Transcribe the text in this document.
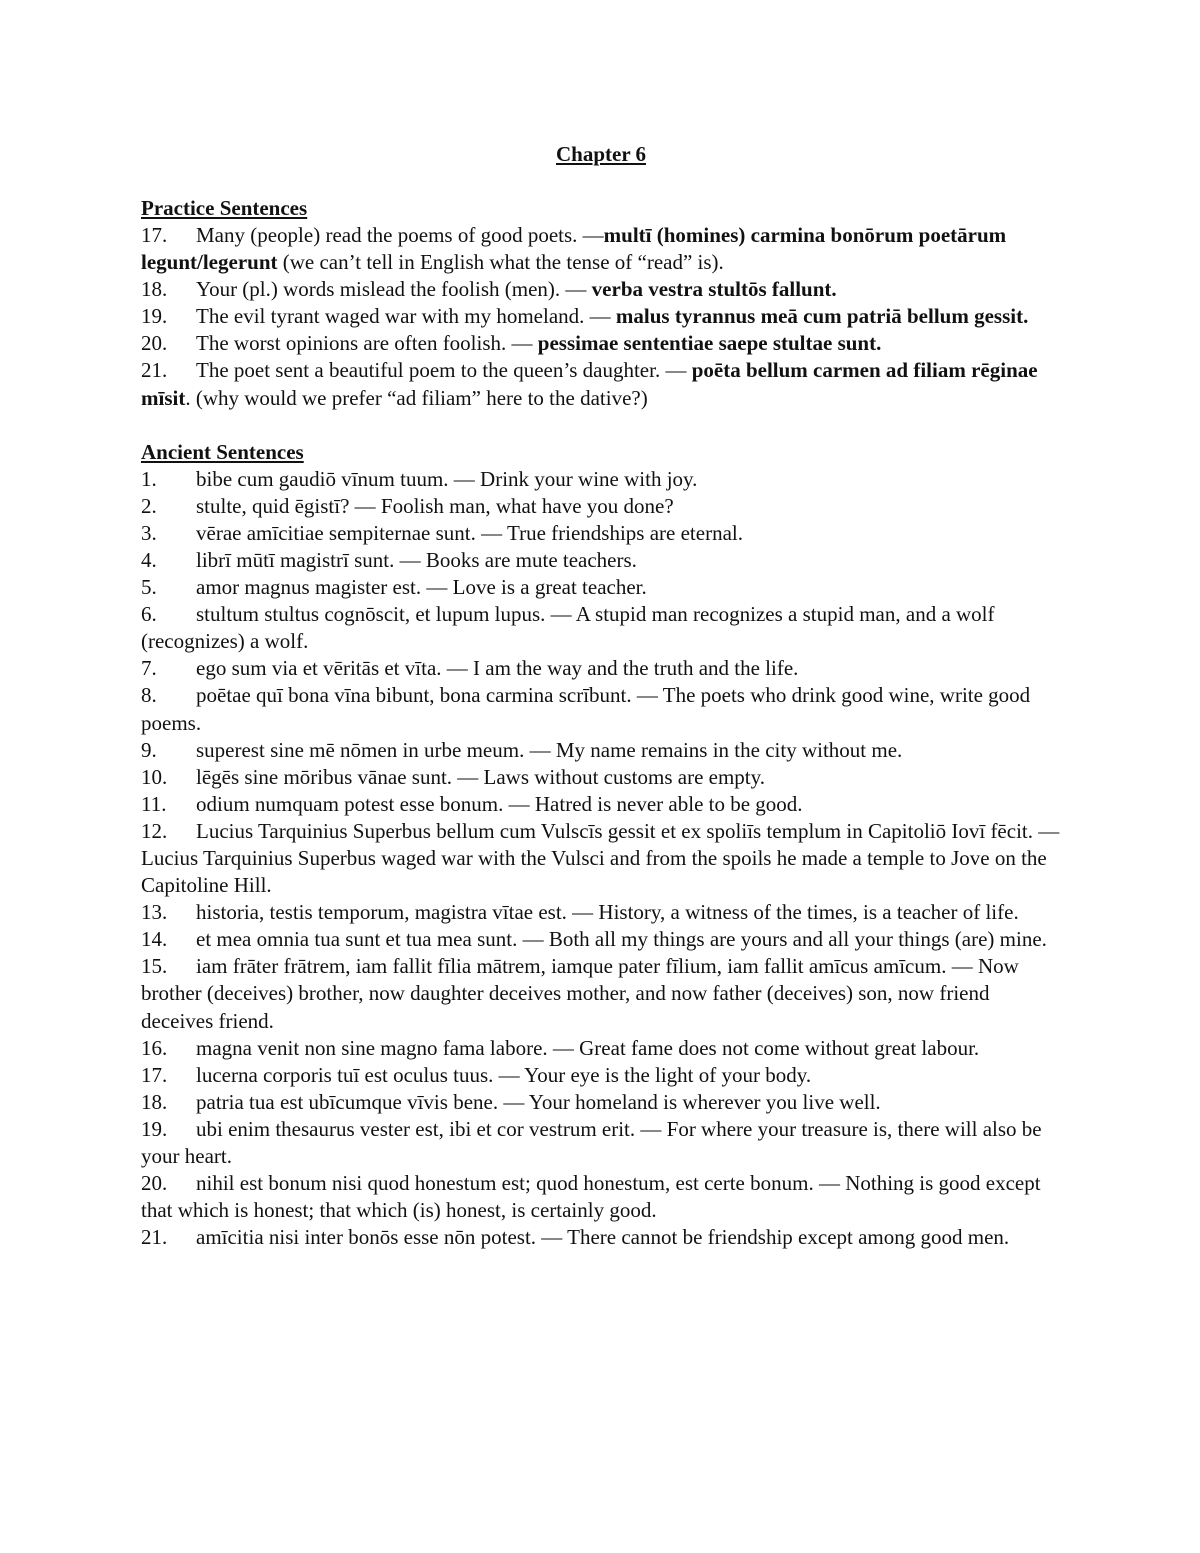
Chapter 6
Practice Sentences

17. Many (people) read the poems of good poets. —multī (homines) carmina bonōrum poetārum legunt/legerunt (we can’t tell in English what the tense of “read” is).

18. Your (pl.) words mislead the foolish (men). — verba vestra stultōs fallunt.

19. The evil tyrant waged war with my homeland. — malus tyrannus meā cum patriā bellum gessit.

20. The worst opinions are often foolish. — pessimae sententiae saepe stultae sunt.

21. The poet sent a beautiful poem to the queen’s daughter. — poēta bellum carmen ad filiam rēginae mīsit. (why would we prefer “ad filiam” here to the dative?)

Ancient Sentences

1. bibe cum gaudiō vīnum tuum. — Drink your wine with joy.

2. stulte, quid ēgistī? — Foolish man, what have you done?

3. vērae amīcitiae sempiternae sunt. — True friendships are eternal.

4. librī mūtī magistrī sunt. — Books are mute teachers.

5. amor magnus magister est. — Love is a great teacher.

6. stultum stultus cognōscit, et lupum lupus. — A stupid man recognizes a stupid man, and a wolf (recognizes) a wolf.

7. ego sum via et vēritās et vīta. — I am the way and the truth and the life.

8. poētae quī bona vīna bibunt, bona carmina scrībunt. — The poets who drink good wine, write good poems.

9. superest sine mē nōmen in urbe meum. — My name remains in the city without me.

10. lēgēs sine mōribus vānae sunt. — Laws without customs are empty.

11. odium numquam potest esse bonum. — Hatred is never able to be good.

12. Lucius Tarquinius Superbus bellum cum Vulscīs gessit et ex spoliīs templum in Capitoliō Iovī fēcit. — Lucius Tarquinius Superbus waged war with the Vulsci and from the spoils he made a temple to Jove on the Capitoline Hill.

13. historia, testis temporum, magistra vītae est. — History, a witness of the times, is a teacher of life.

14. et mea omnia tua sunt et tua mea sunt. — Both all my things are yours and all your things (are) mine.

15. iam frāter frātrem, iam fallit fīlia mātrem, iamque pater fīlium, iam fallit amīcus amīcum. — Now brother (deceives) brother, now daughter deceives mother, and now father (deceives) son, now friend deceives friend.

16. magna venit non sine magno fama labore. — Great fame does not come without great labour.

17. lucerna corporis tuī est oculus tuus. — Your eye is the light of your body.

18. patria tua est ubīcumque vīvis bene. — Your homeland is wherever you live well.

19. ubi enim thesaurus vester est, ibi et cor vestrum erit. — For where your treasure is, there will also be your heart.

20. nihil est bonum nisi quod honestum est; quod honestum, est certe bonum. — Nothing is good except that which is honest; that which (is) honest, is certainly good.

21. amīcitia nisi inter bonōs esse nōn potest. — There cannot be friendship except among good men.
